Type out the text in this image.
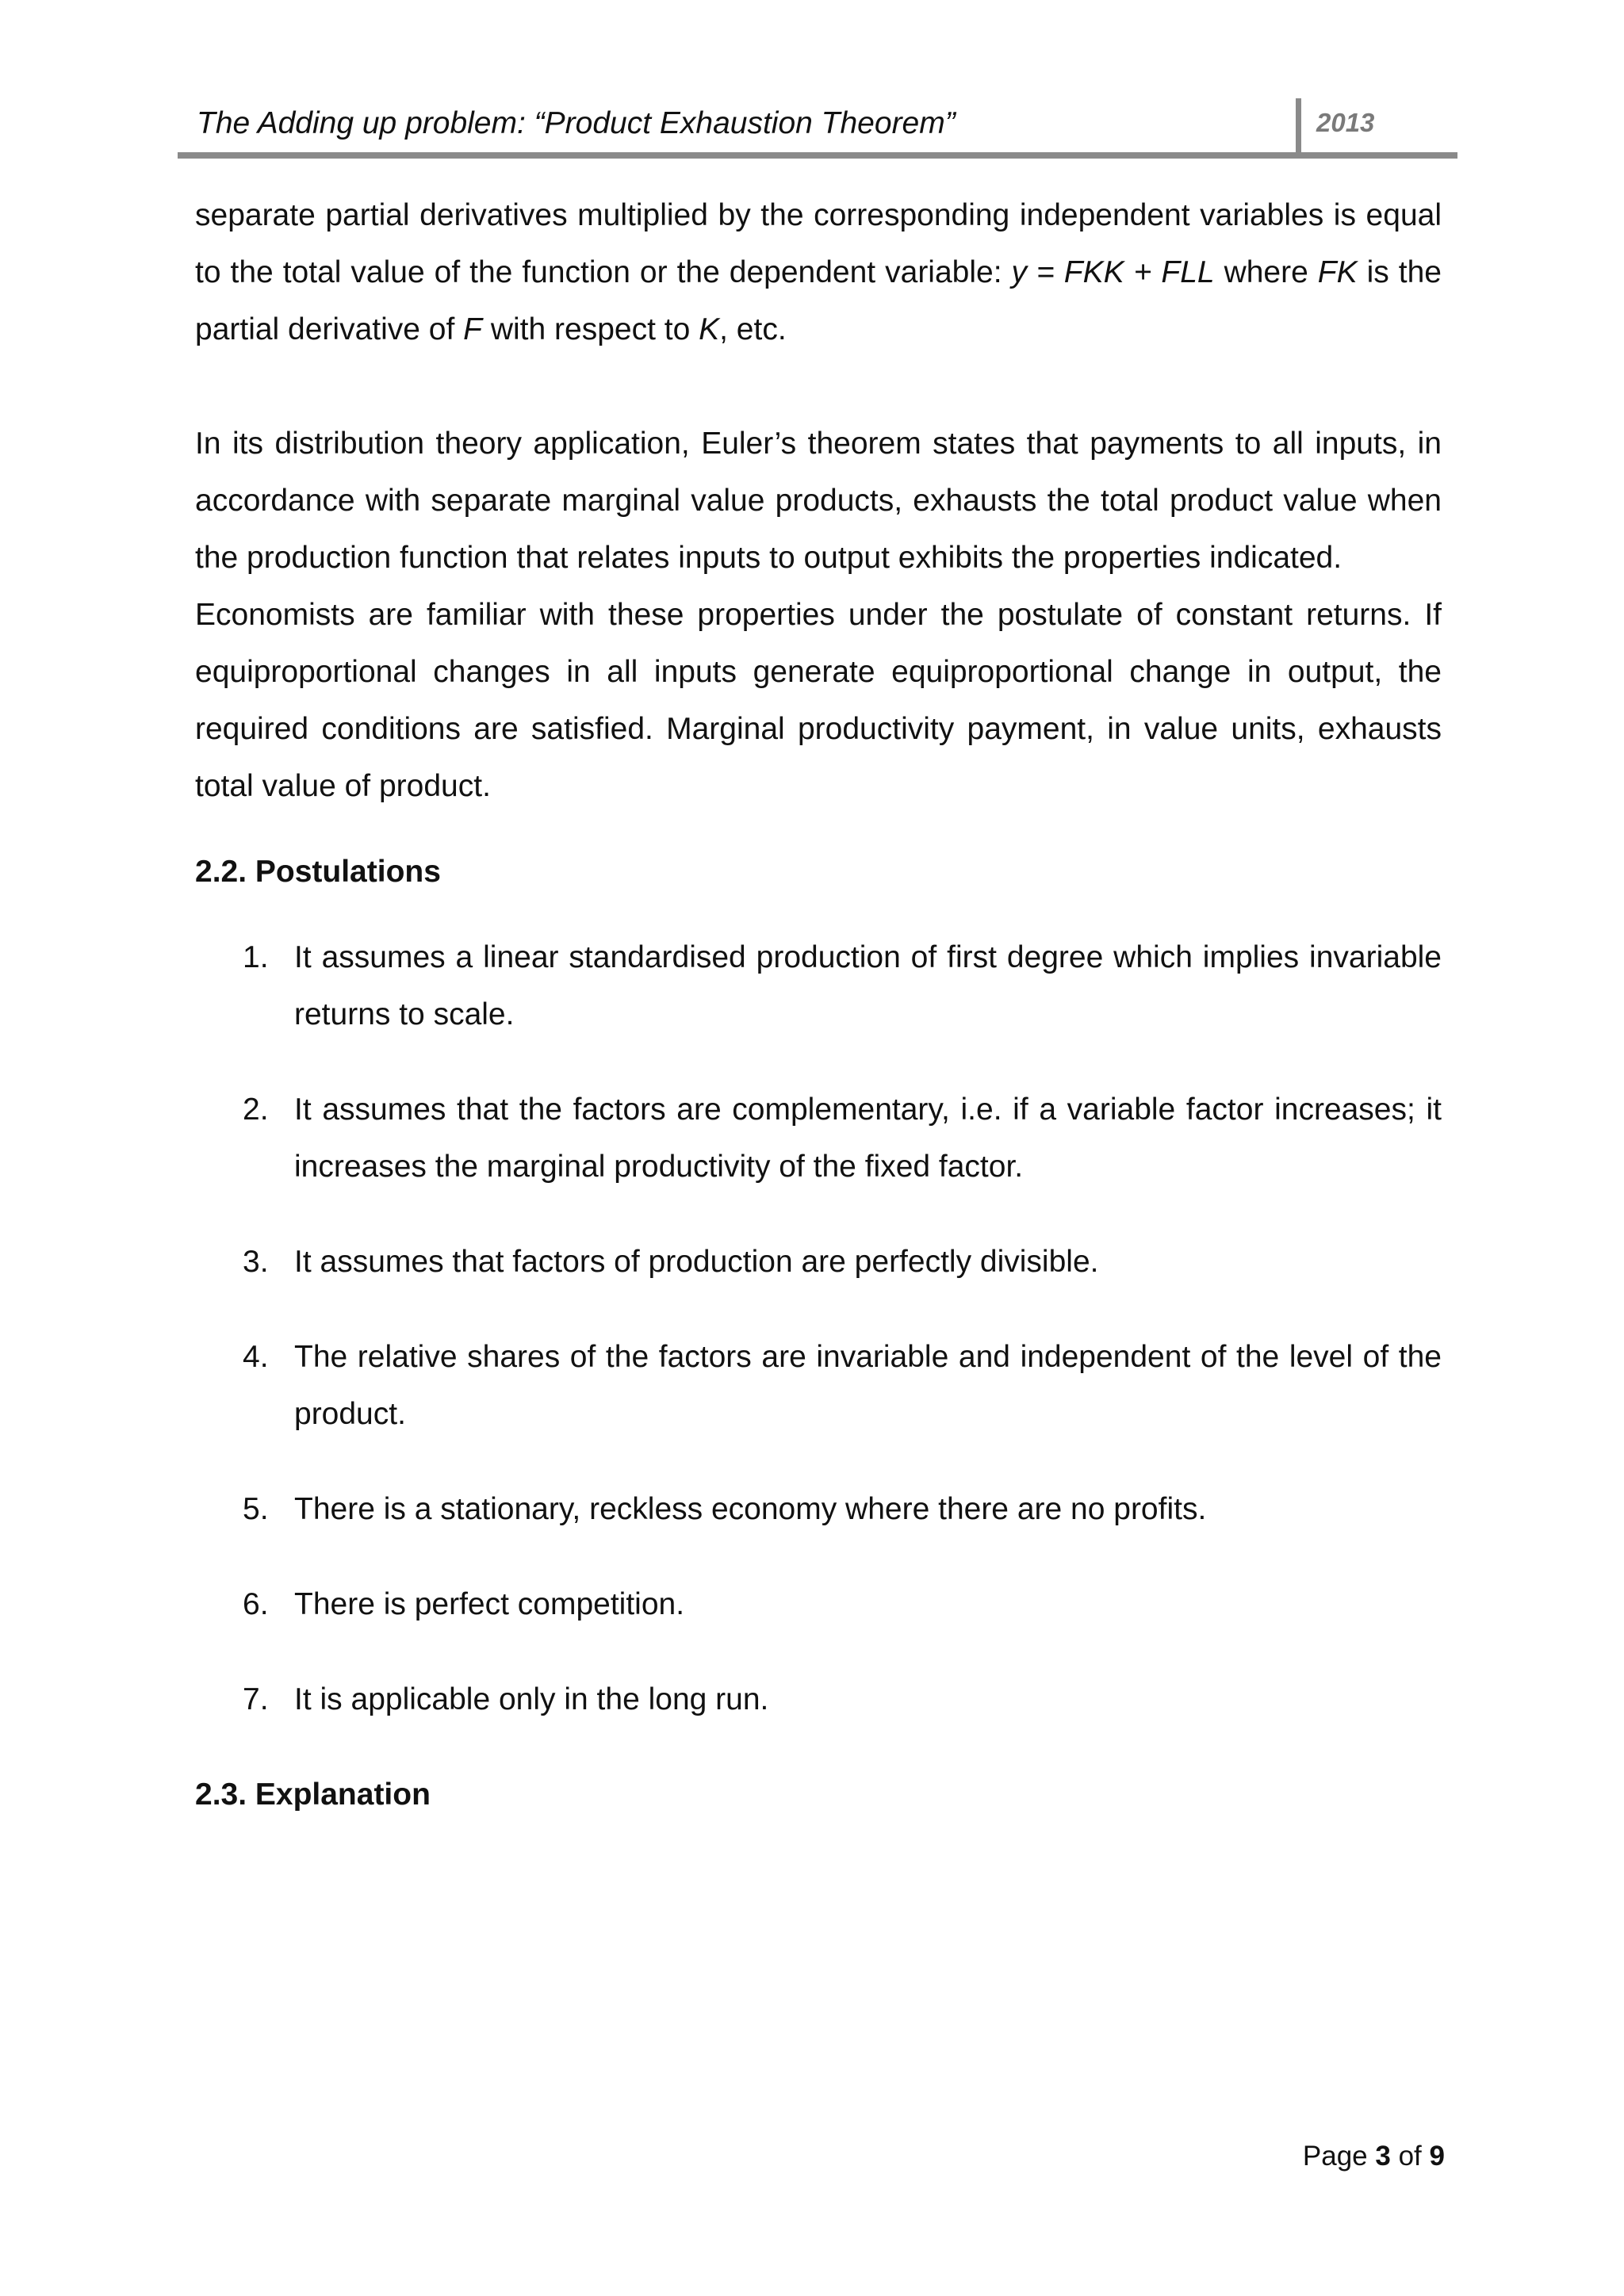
The Adding up problem: “Product Exhaustion Theorem”	2013

separate partial derivatives multiplied by the corresponding independent variables is equal to the total value of the function or the dependent variable: y = FKK + FLL where FK is the partial derivative of F with respect to K, etc.

In its distribution theory application, Euler’s theorem states that payments to all inputs, in accordance with separate marginal value products, exhausts the total product value when the production function that relates inputs to output exhibits the properties indicated.

Economists are familiar with these properties under the postulate of constant returns. If equiproportional changes in all inputs generate equiproportional change in output, the required conditions are satisfied. Marginal productivity payment, in value units, exhausts total value of product.

2.2. Postulations
1. It assumes a linear standardised production of first degree which implies invariable returns to scale.
2. It assumes that the factors are complementary, i.e. if a variable factor increases; it increases the marginal productivity of the fixed factor.
3. It assumes that factors of production are perfectly divisible.
4. The relative shares of the factors are invariable and independent of the level of the product.
5. There is a stationary, reckless economy where there are no profits.
6. There is perfect competition.
7. It is applicable only in the long run.
2.3. Explanation
Page 3 of 9
